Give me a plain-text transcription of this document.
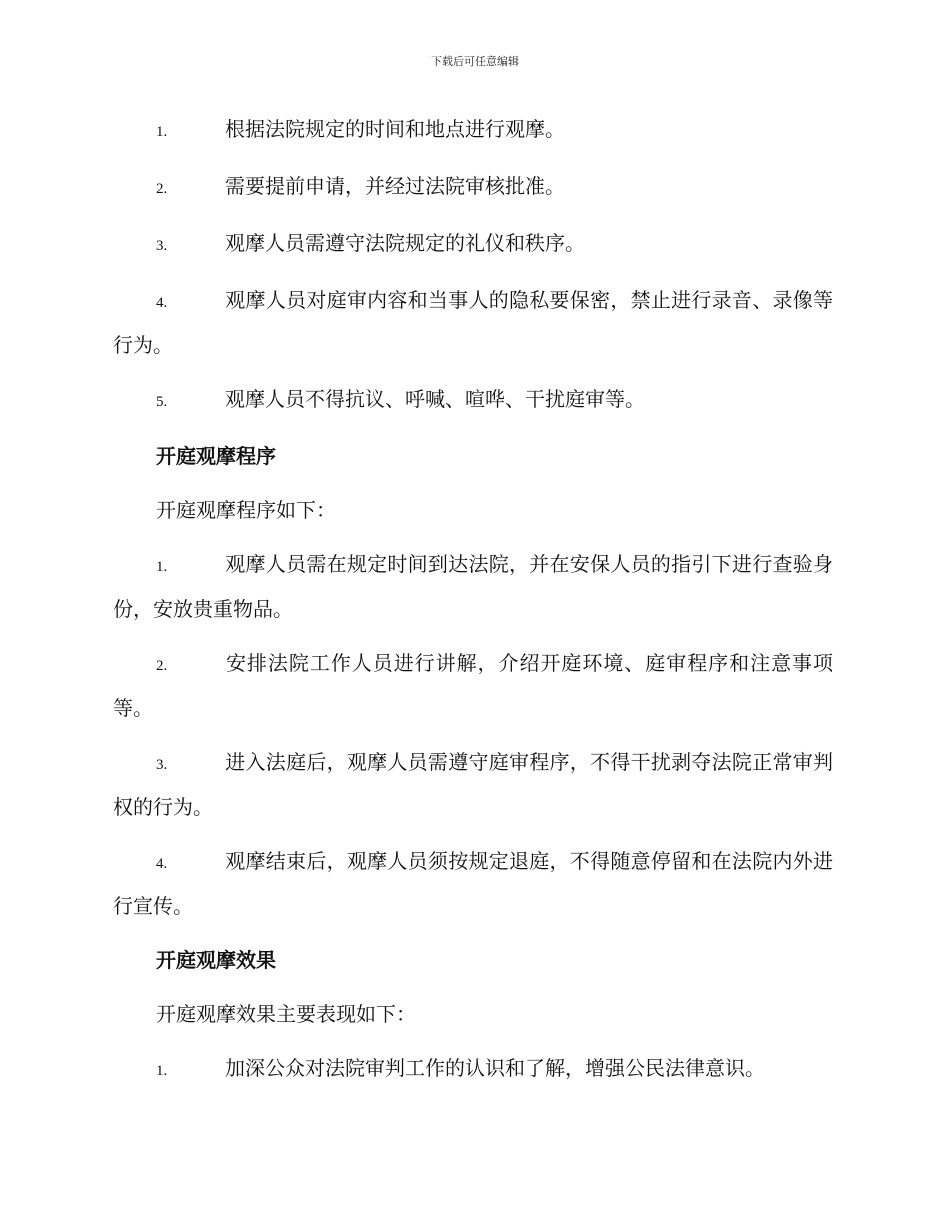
下载后可任意编辑

1.	根据法院规定的时间和地点进行观摩。

2.	需要提前申请，并经过法院审核批准。

3.	观摩人员需遵守法院规定的礼仪和秩序。

4.	观摩人员对庭审内容和当事人的隐私要保密，禁止进行录音、录像等行为。

5.	观摩人员不得抗议、呼喊、喧哗、干扰庭审等。

开庭观摩程序

开庭观摩程序如下：

1.	观摩人员需在规定时间到达法院，并在安保人员的指引下进行查验身份，安放贵重物品。

2.	安排法院工作人员进行讲解，介绍开庭环境、庭审程序和注意事项等。

3.	进入法庭后，观摩人员需遵守庭审程序，不得干扰剥夺法院正常审判权的行为。

4.	观摩结束后，观摩人员须按规定退庭，不得随意停留和在法院内外进行宣传。

开庭观摩效果

开庭观摩效果主要表现如下：

1.	加深公众对法院审判工作的认识和了解，增强公民法律意识。
